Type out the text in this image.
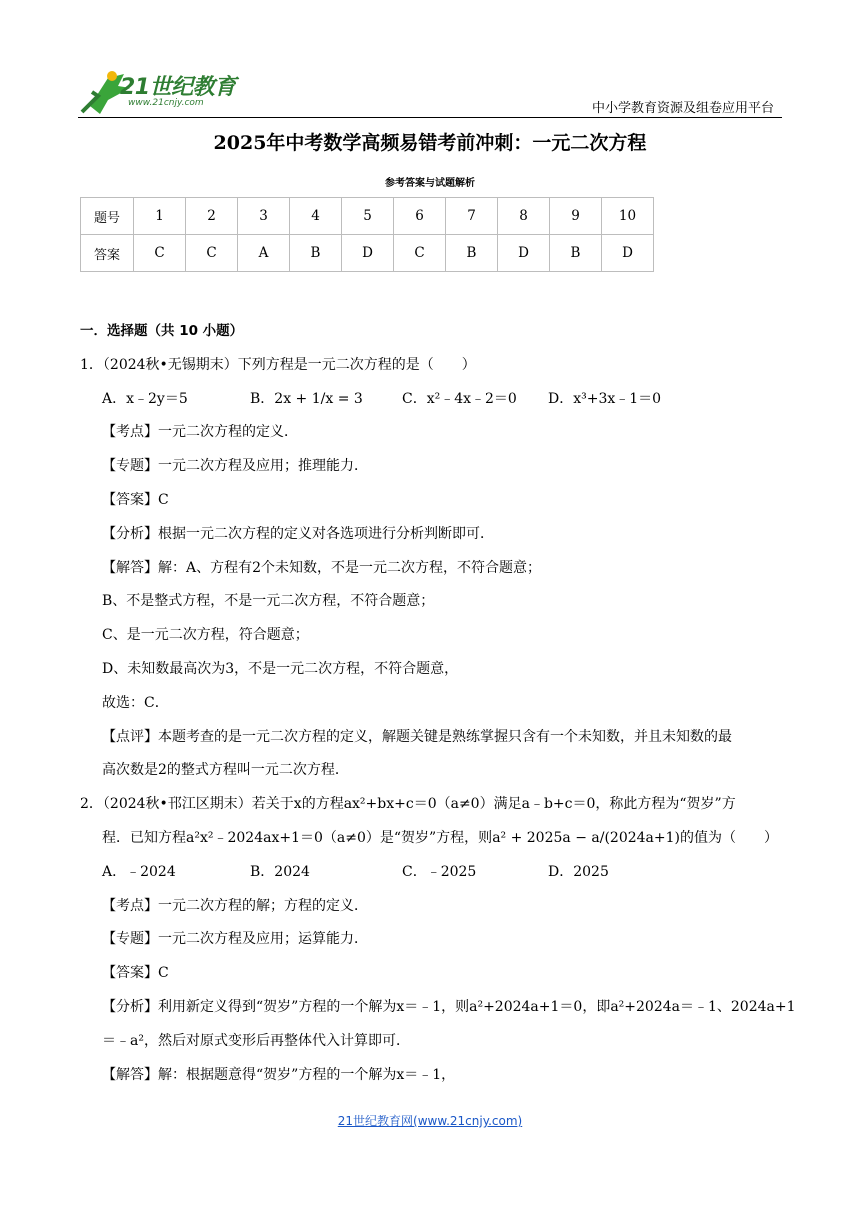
21世纪教育
www.21cnjy.com	中小学教育资源及组卷应用平台
2025年中考数学高频易错考前冲刺：一元二次方程
参考答案与试题解析
题号	1	2	3	4	5	6	7	8	9	10
答案	C	C	A	B	D	C	B	D	B	D
一．选择题（共 10 小题）
1．（2024秋•无锡期末）下列方程是一元二次方程的是（　　）
A．x﹣2y＝5	B．2x + 1/x = 3	C．x²﹣4x﹣2＝0	D．x³+3x﹣1＝0
【考点】一元二次方程的定义．
【专题】一元二次方程及应用；推理能力．
【答案】C
【分析】根据一元二次方程的定义对各选项进行分析判断即可．
【解答】解：A、方程有2个未知数，不是一元二次方程，不符合题意；
B、不是整式方程，不是一元二次方程，不符合题意；
C、是一元二次方程，符合题意；
D、未知数最高次为3，不是一元二次方程，不符合题意，
故选：C．
【点评】本题考查的是一元二次方程的定义，解题关键是熟练掌握只含有一个未知数，并且未知数的最
高次数是2的整式方程叫一元二次方程．
2．（2024秋•邗江区期末）若关于x的方程ax²+bx+c＝0（a≠0）满足a﹣b+c＝0，称此方程为“贺岁”方
程．已知方程a²x²﹣2024ax+1＝0（a≠0）是“贺岁”方程，则a² + 2025a − a/(2024a+1)的值为（　　）
A．﹣2024	B．2024	C．﹣2025	D．2025
【考点】一元二次方程的解；方程的定义．
【专题】一元二次方程及应用；运算能力．
【答案】C
【分析】利用新定义得到“贺岁”方程的一个解为x＝﹣1，则a²+2024a+1＝0，即a²+2024a＝﹣1、2024a+1
＝﹣a²，然后对原式变形后再整体代入计算即可．
【解答】解：根据题意得“贺岁”方程的一个解为x＝﹣1，
21世纪教育网(www.21cnjy.com)
